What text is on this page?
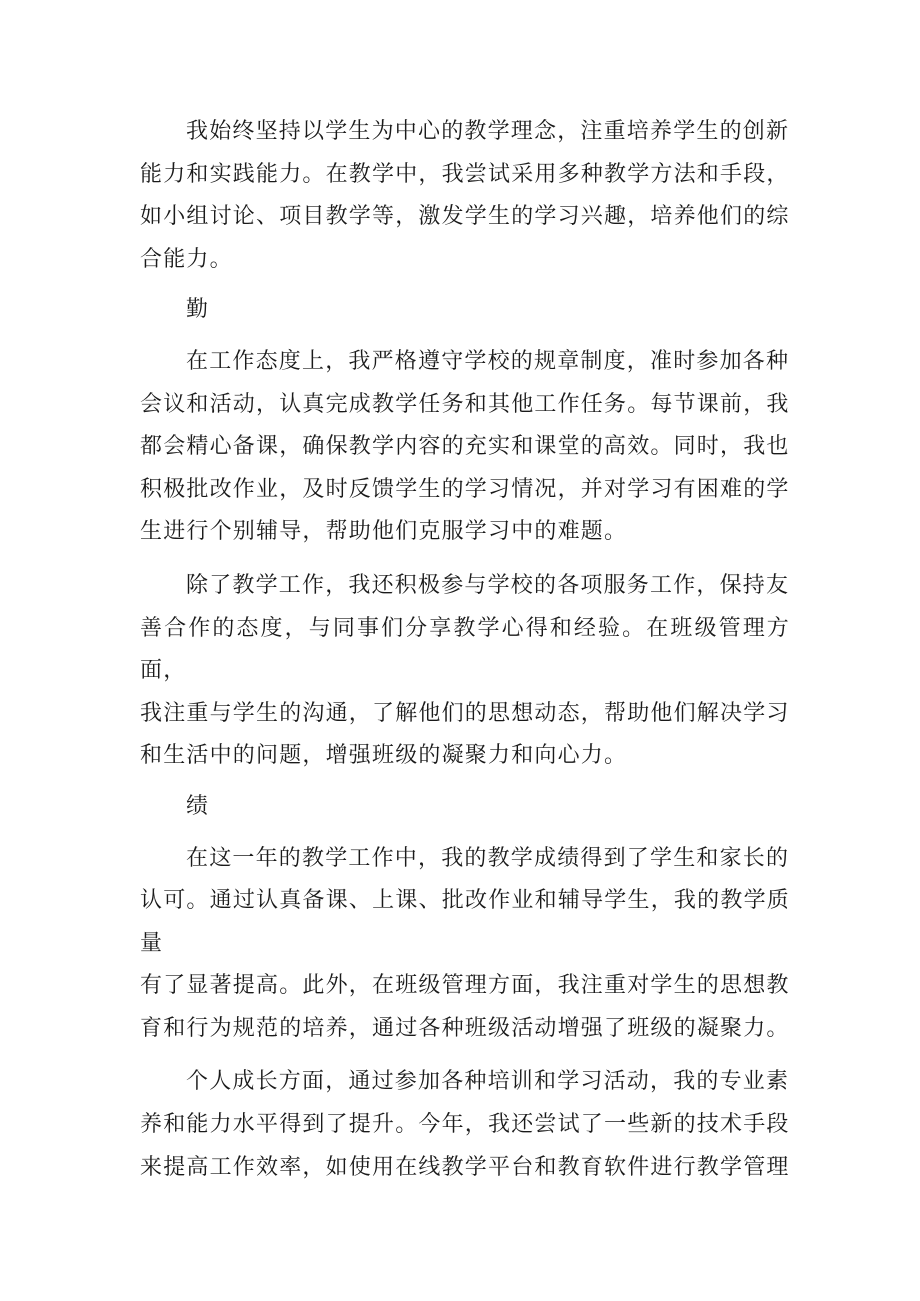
我始终坚持以学生为中心的教学理念，注重培养学生的创新
能力和实践能力。在教学中，我尝试采用多种教学方法和手段，
如小组讨论、项目教学等，激发学生的学习兴趣，培养他们的综
合能力。

勤

在工作态度上，我严格遵守学校的规章制度，准时参加各种
会议和活动，认真完成教学任务和其他工作任务。每节课前，我
都会精心备课，确保教学内容的充实和课堂的高效。同时，我也
积极批改作业，及时反馈学生的学习情况，并对学习有困难的学
生进行个别辅导，帮助他们克服学习中的难题。

除了教学工作，我还积极参与学校的各项服务工作，保持友
善合作的态度，与同事们分享教学心得和经验。在班级管理方面，
我注重与学生的沟通，了解他们的思想动态，帮助他们解决学习
和生活中的问题，增强班级的凝聚力和向心力。

绩

在这一年的教学工作中，我的教学成绩得到了学生和家长的
认可。通过认真备课、上课、批改作业和辅导学生，我的教学质量
有了显著提高。此外，在班级管理方面，我注重对学生的思想教
育和行为规范的培养，通过各种班级活动增强了班级的凝聚力。

个人成长方面，通过参加各种培训和学习活动，我的专业素
养和能力水平得到了提升。今年，我还尝试了一些新的技术手段
来提高工作效率，如使用在线教学平台和教育软件进行教学管理
